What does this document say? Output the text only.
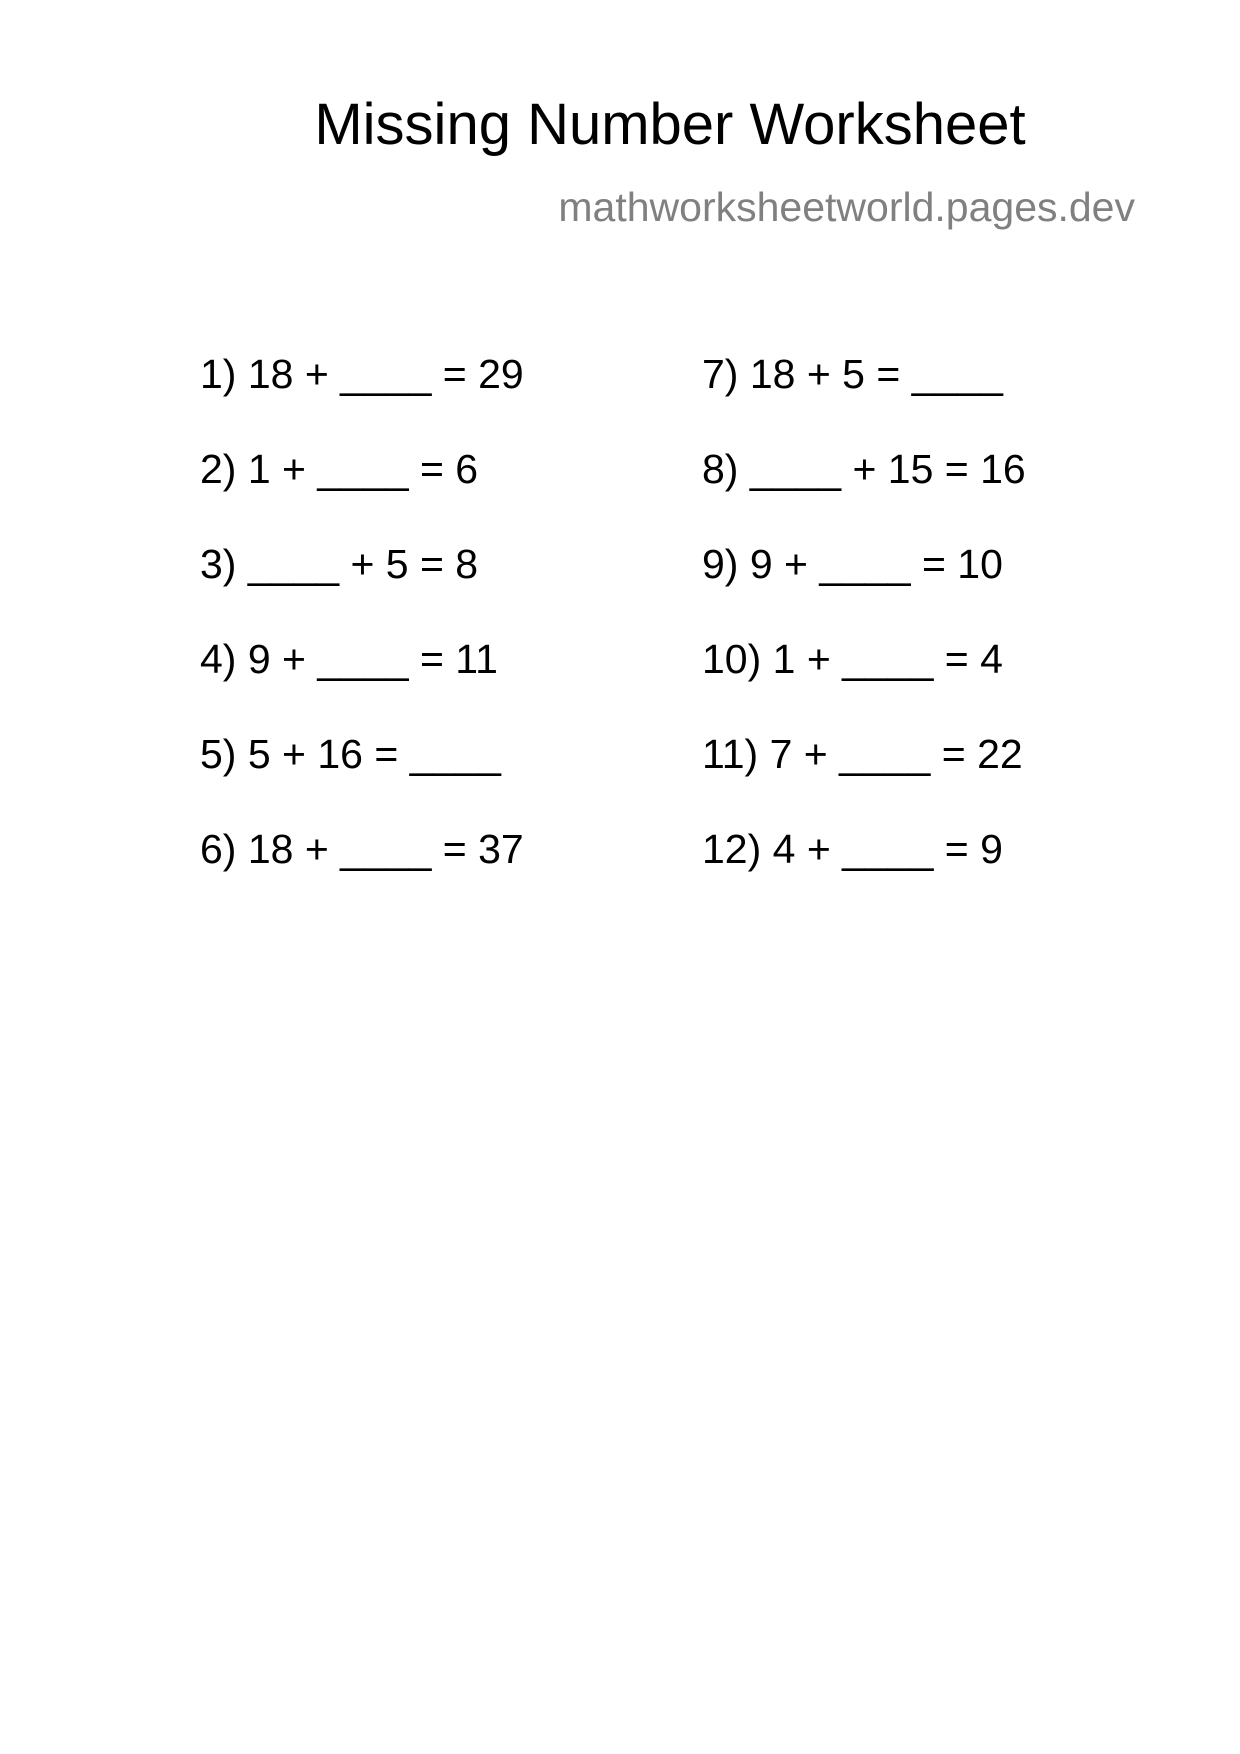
Missing Number Worksheet
mathworksheetworld.pages.dev
1) 18 + ____ = 29
2) 1 + ____ = 6
3) ____ + 5 = 8
4) 9 + ____ = 11
5) 5 + 16 = ____
6) 18 + ____ = 37
7) 18 + 5 = ____
8) ____ + 15 = 16
9) 9 + ____ = 10
10) 1 + ____ = 4
11) 7 + ____ = 22
12) 4 + ____ = 9
